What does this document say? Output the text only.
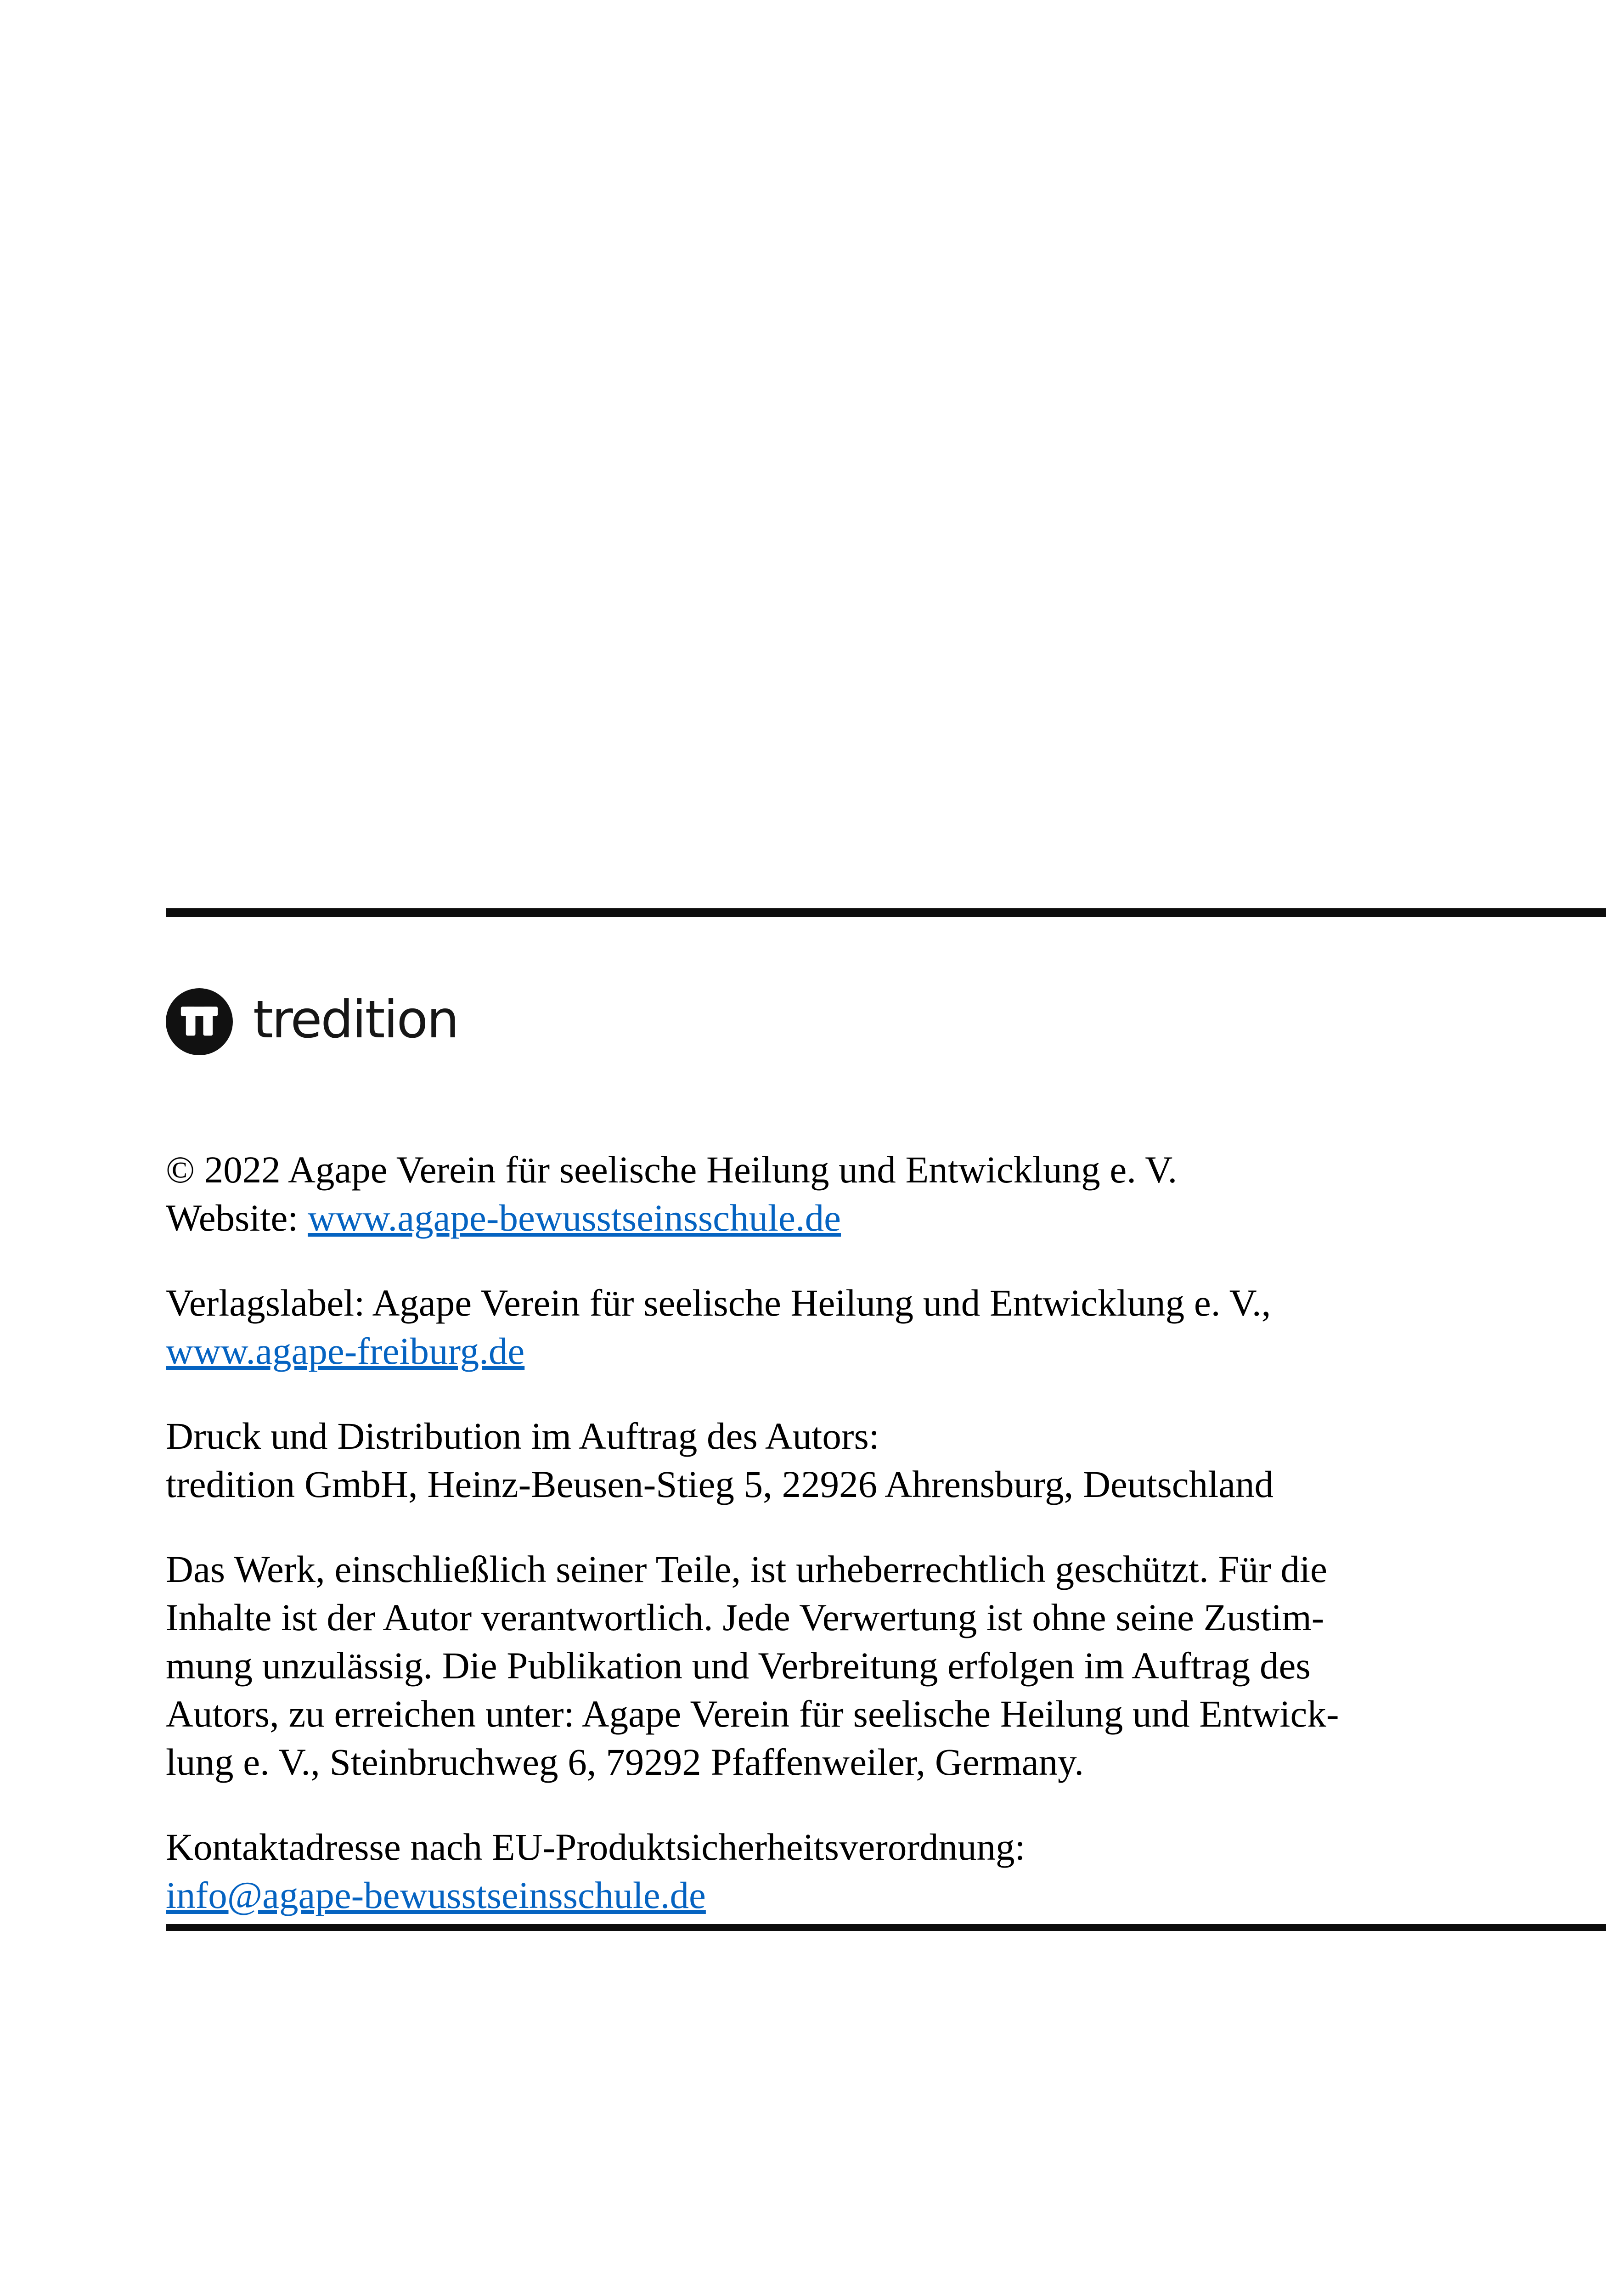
tredition
© 2022 Agape Verein für seelische Heilung und Entwicklung e. V.
Website: www.agape-bewusstseinsschule.de
Verlagslabel: Agape Verein für seelische Heilung und Entwicklung e. V.,
www.agape-freiburg.de
Druck und Distribution im Auftrag des Autors:
tredition GmbH, Heinz-Beusen-Stieg 5, 22926 Ahrensburg, Deutschland
Das Werk, einschließlich seiner Teile, ist urheberrechtlich geschützt. Für die
Inhalte ist der Autor verantwortlich. Jede Verwertung ist ohne seine Zustim-
mung unzulässig. Die Publikation und Verbreitung erfolgen im Auftrag des
Autors, zu erreichen unter: Agape Verein für seelische Heilung und Entwick-
lung e. V., Steinbruchweg 6, 79292 Pfaffenweiler, Germany.
Kontaktadresse nach EU-Produktsicherheitsverordnung:
info@agape-bewusstseinsschule.de
